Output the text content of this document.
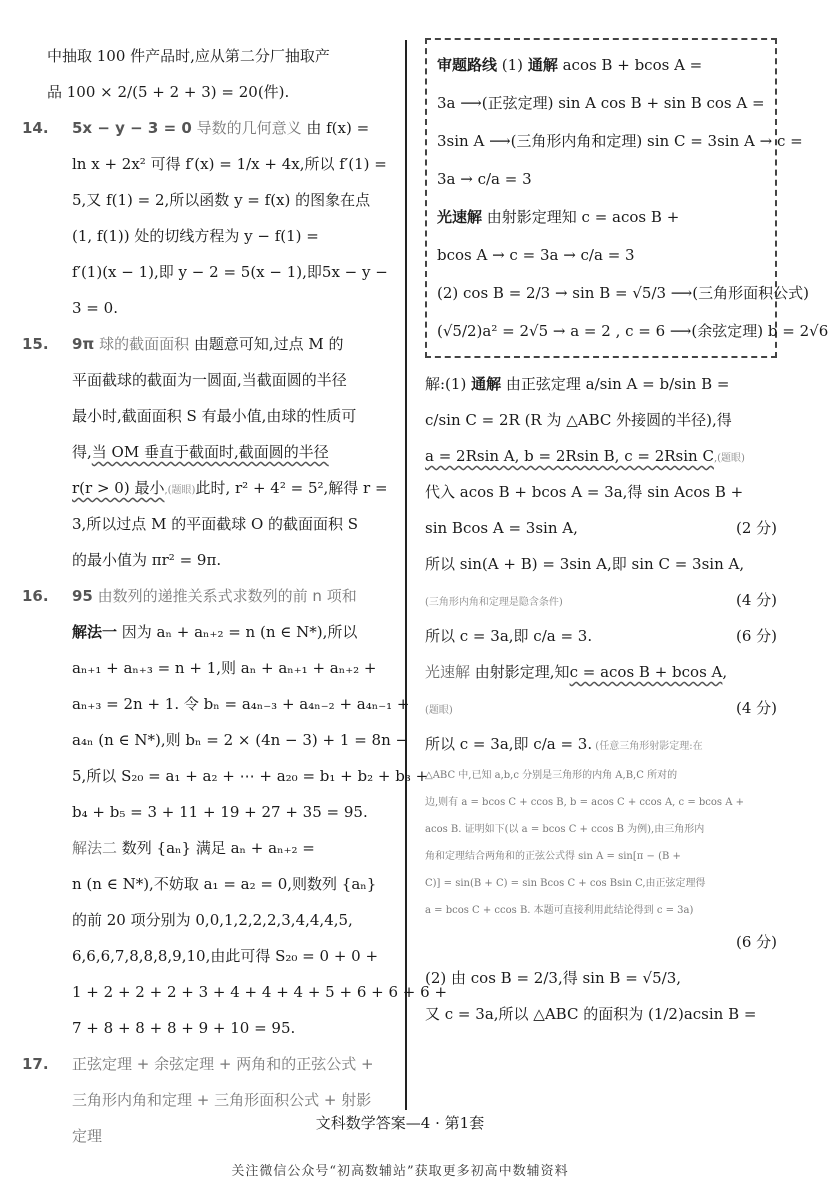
中抽取 100 件产品时,应从第二分厂抽取产
品 100 × 2/(5 + 2 + 3) = 20(件).
14. 5x − y − 3 = 0 导数的几何意义 由 f(x) =
ln x + 2x² 可得 f′(x) = 1/x + 4x,所以 f′(1) =
5,又 f(1) = 2,所以函数 y = f(x) 的图象在点
(1, f(1)) 处的切线方程为 y − f(1) =
f′(1)(x − 1),即 y − 2 = 5(x − 1),即5x − y −
3 = 0.
15. 9π 球的截面面积 由题意可知,过点 M 的
平面截球的截面为一圆面,当截面圆的半径
最小时,截面面积 S 有最小值,由球的性质可
得,当 OM 垂直于截面时,截面圆的半径
r(r > 0) 最小,(题眼)此时, r² + 4² = 5²,解得 r =
3,所以过点 M 的平面截球 O 的截面面积 S
的最小值为 πr² = 9π.
16. 95 由数列的递推关系式求数列的前 n 项和
解法一 因为 aₙ + aₙ₊₂ = n (n ∈ N*),所以
aₙ₊₁ + aₙ₊₃ = n + 1,则 aₙ + aₙ₊₁ + aₙ₊₂ +
aₙ₊₃ = 2n + 1. 令 bₙ = a₄ₙ₋₃ + a₄ₙ₋₂ + a₄ₙ₋₁ +
a₄ₙ (n ∈ N*),则 bₙ = 2 × (4n − 3) + 1 = 8n −
5,所以 S₂₀ = a₁ + a₂ + ⋯ + a₂₀ = b₁ + b₂ + b₃ +
b₄ + b₅ = 3 + 11 + 19 + 27 + 35 = 95.
解法二 数列 {aₙ} 满足 aₙ + aₙ₊₂ =
n (n ∈ N*),不妨取 a₁ = a₂ = 0,则数列 {aₙ}
的前 20 项分别为 0,0,1,2,2,2,3,4,4,4,5,
6,6,6,7,8,8,8,9,10,由此可得 S₂₀ = 0 + 0 +
1 + 2 + 2 + 2 + 3 + 4 + 4 + 4 + 5 + 6 + 6 + 6 +
7 + 8 + 8 + 8 + 9 + 10 = 95.
17. 正弦定理 + 余弦定理 + 两角和的正弦公式 +
三角形内角和定理 + 三角形面积公式 + 射影
定理
审题路线 (1) 通解 acos B + bcos A =
3a ⟶(正弦定理) sin A cos B + sin B cos A =
3sin A ⟶(三角形内角和定理) sin C = 3sin A → c =
3a → c/a = 3
光速解 由射影定理知 c = acos B +
bcos A → c = 3a → c/a = 3
(2) cos B = 2/3 → sin B = √5/3 ⟶(三角形面积公式)
(√5/2)a² = 2√5 → a = 2 , c = 6 ⟶(余弦定理) b = 2√6
解:(1) 通解 由正弦定理 a/sin A = b/sin B =
c/sin C = 2R (R 为 △ABC 外接圆的半径),得
a = 2Rsin A, b = 2Rsin B, c = 2Rsin C,(题眼)
代入 acos B + bcos A = 3a,得 sin Acos B +
sin Bcos A = 3sin A,	(2 分)
所以 sin(A + B) = 3sin A,即 sin C = 3sin A,
(三角形内角和定理是隐含条件)	(4 分)
所以 c = 3a,即 c/a = 3.	(6 分)
光速解 由射影定理,知c = acos B + bcos A,
(题眼)	(4 分)
所以 c = 3a,即 c/a = 3. (任意三角形射影定理:在
△ABC 中,已知 a,b,c 分别是三角形的内角 A,B,C 所对的
边,则有 a = bcos C + ccos B, b = acos C + ccos A, c = bcos A +
acos B. 证明如下(以 a = bcos C + ccos B 为例),由三角形内
角和定理结合两角和的正弦公式得 sin A = sin[π − (B +
C)] = sin(B + C) = sin Bcos C + cos Bsin C,由正弦定理得
a = bcos C + ccos B. 本题可直接利用此结论得到 c = 3a)
(6 分)
(2) 由 cos B = 2/3,得 sin B = √5/3,
又 c = 3a,所以 △ABC 的面积为 (1/2)acsin B =
文科数学答案—4 · 第1套
关注微信公众号“初高数辅站”获取更多初高中数辅资料
